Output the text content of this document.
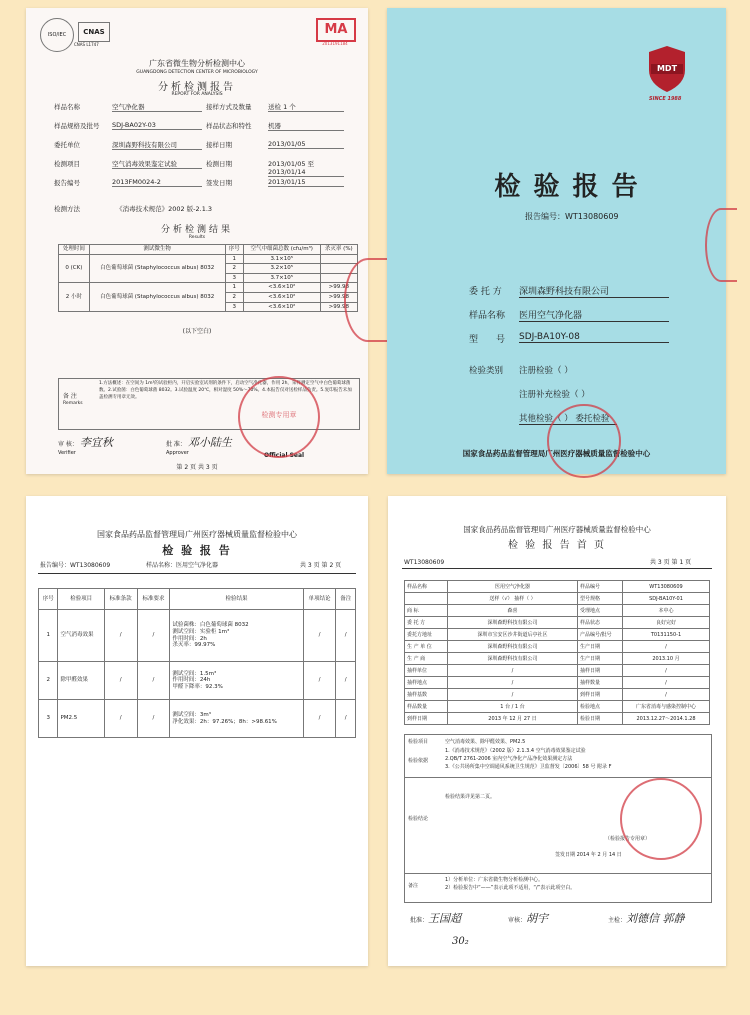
ISO/IEC	CNAS
CNAS L1747
MA
2013191184
广东省微生物分析检测中心
GUANGDONG DETECTION CENTER OF MICROBIOLOGY
分析检测报告
REPORT FOR ANALYSIS
样品名称	空气净化器	接样方式及数量	送检 1 个
样品规格及批号 SDJ-BA02Y-03	样品状态和特性	机器
委托单位	深圳森野科技有限公司	接样日期	2013/01/05
检测项目	空气消毒效果鉴定试验	检测日期	2013/01/05 至 2013/01/14
报告编号	2013FM0024-2	签发日期	2013/01/15
检测方法	《消毒技术规范》2002 版-2.1.3
分析检测结果
Results
处理时间	测试微生物	序号	空气中细菌总数 (cfu/m³)	杀灭率 (%)
0 (CK)	白色葡萄球菌 (Staphylococcus albus) 8032	1	3.1×10⁵	
		2	3.2×10⁵	
		3	3.7×10⁵	
2 小时	白色葡萄球菌 (Staphylococcus albus) 8032	1	<3.6×10²	>99.98
		2	<3.6×10²	>99.98
		3	<3.6×10²	>99.98
(以下空白)
备 注
Remarks
1.方法概述：在空间为 1m³的试验柜内，开启实验室试剂的条件下，启动空气净化器，作用 2h，采样测定空气中白色葡萄球菌数。2.试验菌：白色葡萄球菌 8032。3.试验温度 20℃，相对湿度 50%～70%。4.本报告仅对送检样品负责。5.复印报告未加盖检测专用章无效。
审 核： 李宜秋
Verifier
批 准： 邓小陆生
Approver	Official Seal
第 2 页 共 3 页
检测专用章
MDT
SINCE 1988
检 验 报 告
报告编号：WT13080609
委 托 方 深圳森野科技有限公司
样品名称 医用空气净化器
型　　号 SDJ-BA10Y-08
检验类别 注册检验（ ）
注册补充检验（ ）
其他检验（ ） 委托检验
国家食品药品监督管理局广州医疗器械质量监督检验中心
国家食品药品监督管理局广州医疗器械质量监督检验中心
检 验 报 告
报告编号：WT13080609	样品名称：医用空气净化器	共 3 页 第 2 页
序号	检验项目	标准条款	标准要求	检验结果	单项结论	备注
1	空气消毒效果	/	/	试验菌株：白色葡萄球菌 8032
测试空间：实验柜 1m³
作用时间：2h
杀灭率：99.97%	/	/
2	除甲醛效果	/	/	测试空间：1.5m³
作用时间：24h
甲醛下降率：92.3%	/	/
3	PM2.5	/	/	测试空间：3m³
净化效果：2h：97.26%；8h：>98.61%	/	/
国家食品药品监督管理局广州医疗器械质量监督检验中心
检 验 报 告 首 页
WT13080609	共 3 页 第 1 页
样品名称	医用空气净化器	样品编号	WT13080609
	送样（√） 抽样（ ）	型号规格	SDJ-BA10Y-01
商 标	森喜	受理地点	本中心
委 托 方	深圳森野科技有限公司	样品状态	良好完好
委托方地址	深圳市宝安区沙井街道后亭社区	产品编号/批号	T0131150-1
生 产 单 位	深圳森野科技有限公司	生产日期	/
生 产 商	深圳森野科技有限公司	生产日期	2013.10 月
抽样单位	/	抽样日期	/
抽样地点	/	抽样数量	/
抽样基数	/	到样日期	/
样品数量	1 台 / 1 台	检验地点	广东省消毒与感染控制中心
到样日期	2013 年 12 月 27 日	检验日期	2013.12.27～2014.1.28
检验项目	空气消毒效果、除甲醛效果、PM2.5
检验依据
1.《消毒技术规范》（2002 版）2.1.3.4 空气消毒效果鉴定试验
2.QB/T 2761-2006 室内空气净化产品净化效果测定方法
3.《公共场所集中空调通风系统卫生规范》卫监督发〔2006〕58 号 附录 F
检验结论
检验结果详见第二页。
（检验报告专用章）
签发日期 2014 年 2 月 14 日
备注
1）分析单位：广东省微生物分析检测中心。
2）检验报告中“——”表示此项不适用，“/”表示此项空白。
批准：王国超	审核：胡宇	主检：刘德信 郭静
30₂
